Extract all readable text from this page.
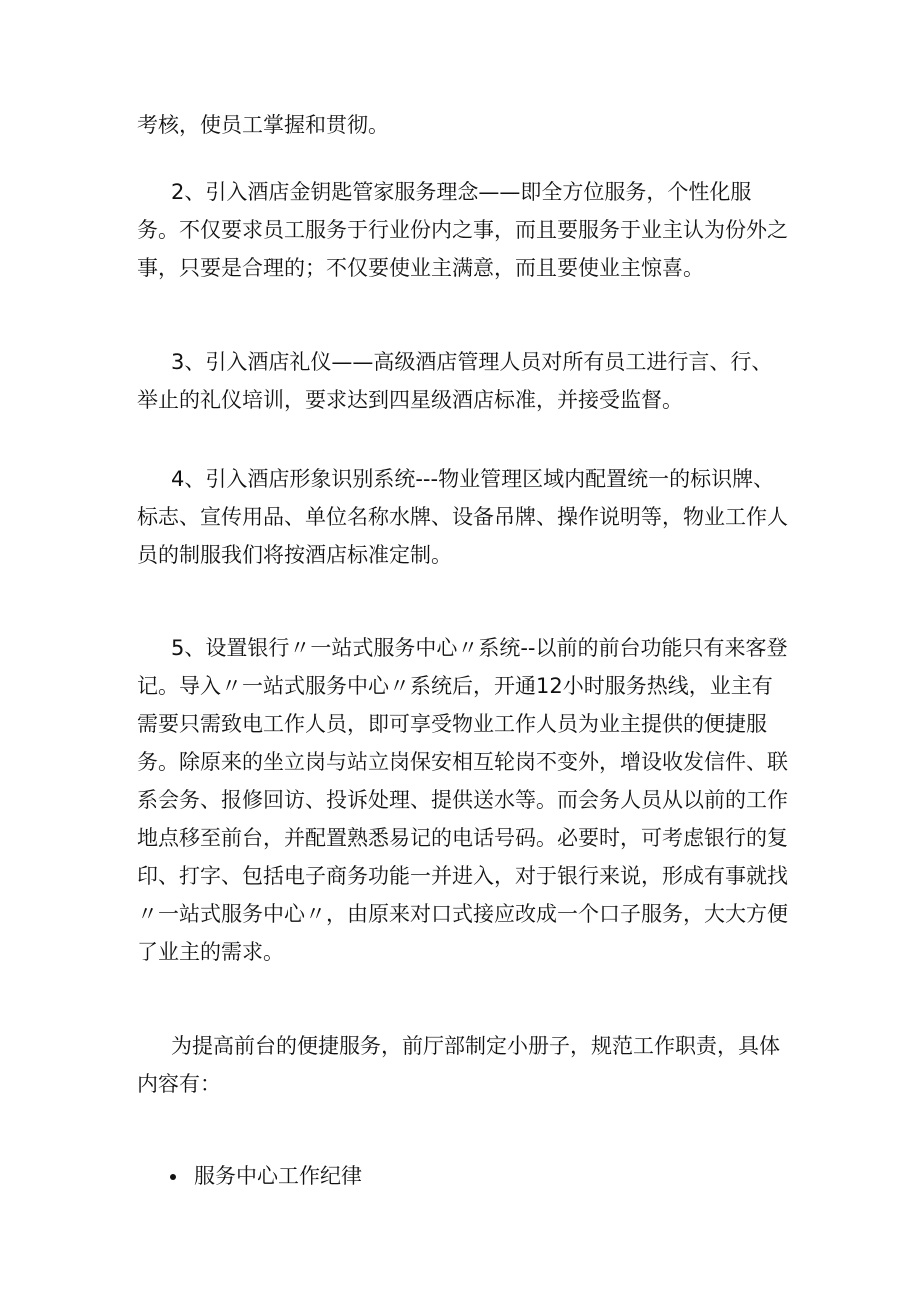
考核，使员工掌握和贯彻。

2、引入酒店金钥匙管家服务理念——即全方位服务，个性化服务。不仅要求员工服务于行业份内之事，而且要服务于业主认为份外之事，只要是合理的；不仅要使业主满意，而且要使业主惊喜。

3、引入酒店礼仪——高级酒店管理人员对所有员工进行言、行、举止的礼仪培训，要求达到四星级酒店标准，并接受监督。

4、引入酒店形象识别系统---物业管理区域内配置统一的标识牌、标志、宣传用品、单位名称水牌、设备吊牌、操作说明等，物业工作人员的制服我们将按酒店标准定制。

5、设置银行〃一站式服务中心〃系统--以前的前台功能只有来客登记。导入〃一站式服务中心〃系统后，开通12小时服务热线，业主有需要只需致电工作人员，即可享受物业工作人员为业主提供的便捷服务。除原来的坐立岗与站立岗保安相互轮岗不变外，增设收发信件、联系会务、报修回访、投诉处理、提供送水等。而会务人员从以前的工作地点移至前台，并配置熟悉易记的电话号码。必要时，可考虑银行的复印、打字、包括电子商务功能一并进入，对于银行来说，形成有事就找〃一站式服务中心〃，由原来对口式接应改成一个口子服务，大大方便了业主的需求。

为提高前台的便捷服务，前厅部制定小册子，规范工作职责，具体内容有：

服务中心工作纪律
